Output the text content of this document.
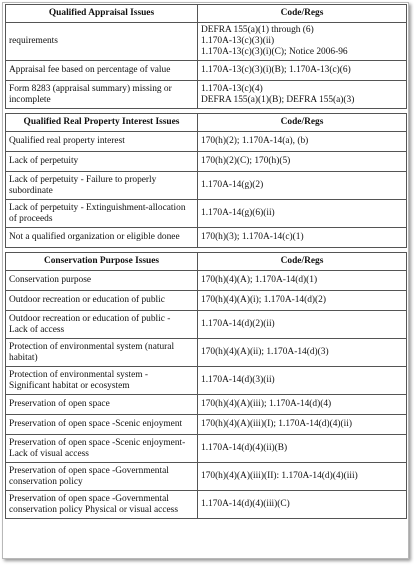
Qualified Appraisal Issues	Code/Regs

requirements	DEFRA 155(a)(1) through (6)
1.170A-13(c)(3)(ii)
1.170A-13(c)(3)(i)(C); Notice 2006-96

Appraisal fee based on percentage of value	1.170A-13(c)(3)(i)(B); 1.170A-13(c)(6)

Form 8283 (appraisal summary) missing or
incomplete	1.170A-13(c)(4)
DEFRA 155(a)(1)(B); DEFRA 155(a)(3)

Qualified Real Property Interest Issues	Code/Regs

Qualified real property interest	170(h)(2); 1.170A-14(a), (b)

Lack of perpetuity	170(h)(2)(C); 170(h)(5)

Lack of perpetuity - Failure to properly
subordinate	1.170A-14(g)(2)

Lack of perpetuity - Extinguishment-allocation
of proceeds	1.170A-14(g)(6)(ii)

Not a qualified organization or eligible donee	170(h)(3); 1.170A-14(c)(1)

Conservation Purpose Issues	Code/Regs

Conservation purpose	170(h)(4)(A); 1.170A-14(d)(1)

Outdoor recreation or education of public	170(h)(4)(A)(i); 1.170A-14(d)(2)

Outdoor recreation or education of public -
Lack of access	1.170A-14(d)(2)(ii)

Protection of environmental system (natural
habitat)	170(h)(4)(A)(ii); 1.170A-14(d)(3)

Protection of environmental system -
Significant habitat or ecosystem	1.170A-14(d)(3)(ii)

Preservation of open space	170(h)(4)(A)(iii); 1.170A-14(d)(4)

Preservation of open space -Scenic enjoyment	170(h)(4)(A)(iii)(I); 1.170A-14(d)(4)(ii)

Preservation of open space -Scenic enjoyment-
Lack of visual access	1.170A-14(d)(4)(ii)(B)

Preservation of open space -Governmental
conservation policy	170(h)(4)(A)(iii)(II): 1.170A-14(d)(4)(iii)

Preservation of open space -Governmental
conservation policy Physical or visual access	1.170A-14(d)(4)(iii)(C)
